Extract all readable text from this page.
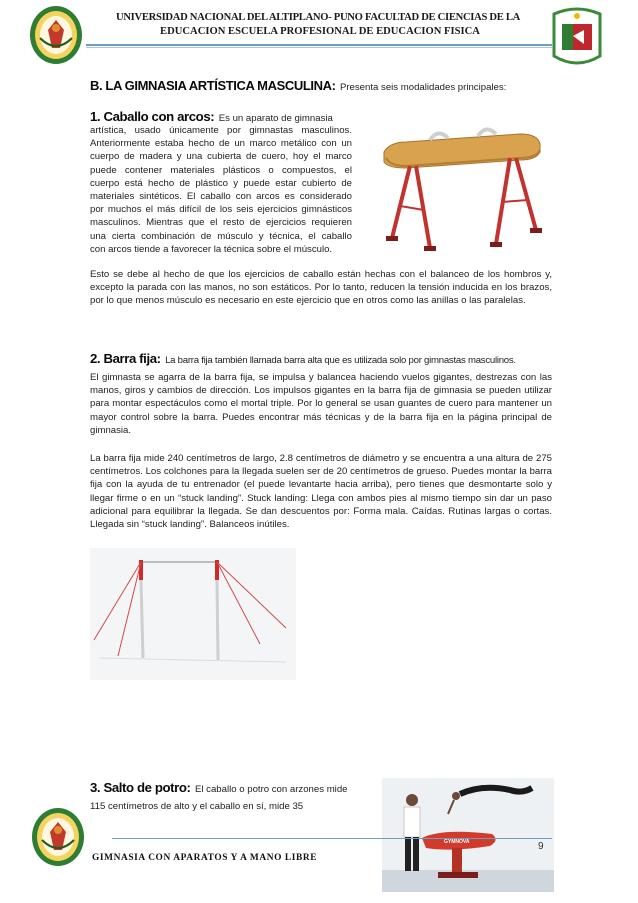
UNIVERSIDAD NACIONAL DEL ALTIPLANO- PUNO FACULTAD DE CIENCIAS DE LA
EDUCACION ESCUELA PROFESIONAL DE EDUCACION FISICA
B. LA GIMNASIA ARTÍSTICA MASCULINA: Presenta seis modalidades principales:
1. Caballo con arcos: Es un aparato de gimnasia

artística, usado únicamente por gimnastas masculinos.

Anteriormente estaba hecho de un marco metálico con un

cuerpo de madera y una cubierta de cuero, hoy el marco

puede contener materiales plásticos o compuestos, el

cuerpo está hecho de plástico y puede estar cubierto de

materiales sintéticos. El caballo con arcos es considerado

por muchos el más difícil de los seis ejercicios gimnásticos

masculinos. Mientras que el resto de ejercicios requieren

una cierta combinación de músculo y técnica, el caballo

con arcos tiende a favorecer la técnica sobre el músculo.

Esto se debe al hecho de que los ejercicios de caballo están hechas con el balanceo de los hombros y, excepto la parada con las manos, no son estáticos. Por lo tanto, reducen la tensión inducida en los brazos, por lo que menos músculo es necesario en este ejercicio que en otros como las anillas o las paralelas.

2. Barra fija: La barra fija también llamada barra alta que es utilizada solo por gimnastas masculinos.

El gimnasta se agarra de la barra fija, se impulsa y balancea haciendo vuelos gigantes, destrezas con las manos, giros y cambios de dirección. Los impulsos gigantes en la barra fija de gimnasia se pueden utilizar para montar espectáculos como el mortal triple. Por lo general se usan guantes de cuero para mantener un mayor control sobre la barra. Puedes encontrar más técnicas y de la barra fija en la página principal de gimnasia.

La barra fija mide 240 centímetros de largo, 2.8 centímetros de diámetro y se encuentra a una altura de 275 centímetros. Los colchones para la llegada suelen ser de 20 centímetros de grueso. Puedes montar la barra fija con la ayuda de tu entrenador (el puede levantarte hacia arriba), pero tienes que desmontarte solo y llegar firme o en un “stuck landing”. Stuck landing: Llega con ambos pies al mismo tiempo sin dar un paso adicional para equilibrar la llegada. Se dan descuentos por: Forma mala. Caídas. Rutinas largas o cortas. Llegada sin “stuck landing”. Balanceos inútiles.

3. Salto de potro: El caballo o potro con arzones mide

115 centímetros de alto y el caballo en sí, mide 35

GYMNOVA	9
GIMNASIA CON APARATOS Y A MANO LIBRE
